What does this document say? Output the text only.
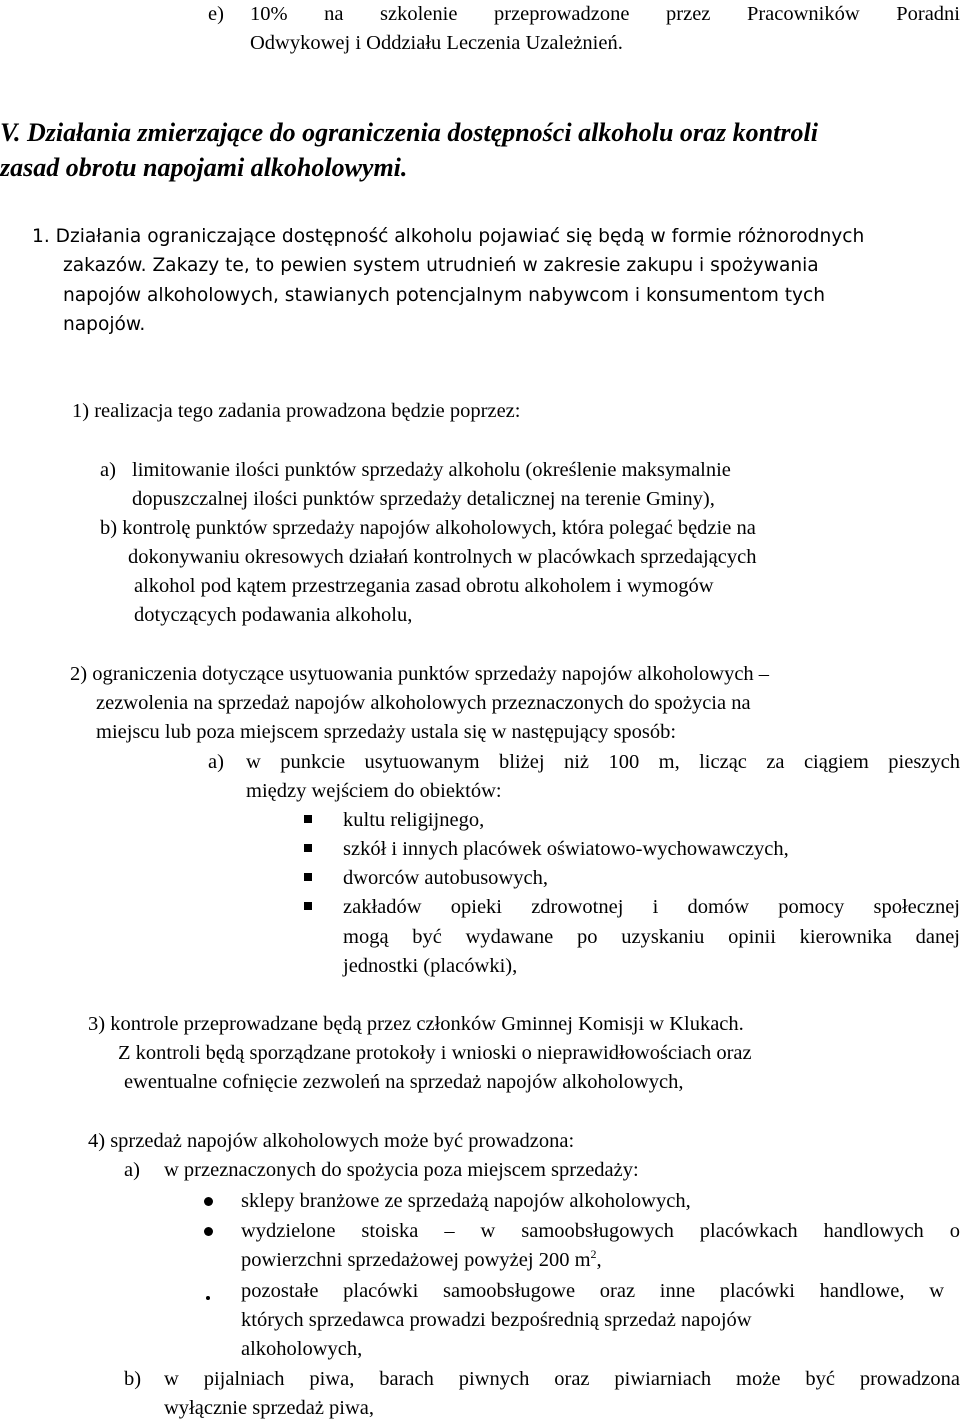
e) 10% na szkolenie przeprowadzone przez Pracowników Poradni
Odwykowej i Oddziału Leczenia Uzależnień.
V. Działania zmierzające do ograniczenia dostępności alkoholu oraz kontroli
zasad obrotu napojami alkoholowymi.
1. Działania ograniczające dostępność alkoholu pojawiać się będą w formie różnorodnych
zakazów. Zakazy te, to pewien system utrudnień w zakresie zakupu i spożywania
napojów alkoholowych, stawianych potencjalnym nabywcom i konsumentom tych
napojów.
1) realizacja tego zadania prowadzona będzie poprzez:
a) limitowanie ilości punktów sprzedaży alkoholu (określenie maksymalnie
dopuszczalnej ilości punktów sprzedaży detalicznej na terenie Gminy),
b) kontrolę punktów sprzedaży napojów alkoholowych, która polegać będzie na
dokonywaniu okresowych działań kontrolnych w placówkach sprzedających
alkohol pod kątem przestrzegania zasad obrotu alkoholem i wymogów
dotyczących podawania alkoholu,
2) ograniczenia dotyczące usytuowania punktów sprzedaży napojów alkoholowych –
zezwolenia na sprzedaż napojów alkoholowych przeznaczonych do spożycia na
miejscu lub poza miejscem sprzedaży ustala się w następujący sposób:
a) w punkcie usytuowanym bliżej niż 100 m, licząc za ciągiem pieszych
między wejściem do obiektów:
kultu religijnego,
szkół i innych placówek oświatowo-wychowawczych,
dworców autobusowych,
zakładów opieki zdrowotnej i domów pomocy społecznej
mogą być wydawane po uzyskaniu opinii kierownika danej
jednostki (placówki),
3) kontrole przeprowadzane będą przez członków Gminnej Komisji w Klukach.
Z kontroli będą sporządzane protokoły i wnioski o nieprawidłowościach oraz
ewentualne cofnięcie zezwoleń na sprzedaż napojów alkoholowych,
4) sprzedaż napojów alkoholowych może być prowadzona:
a) w przeznaczonych do spożycia poza miejscem sprzedaży:
sklepy branżowe ze sprzedażą napojów alkoholowych,
wydzielone stoiska – w samoobsługowych placówkach handlowych o
powierzchni sprzedażowej powyżej 200 $m^2$,
pozostałe placówki samoobsługowe oraz inne placówki handlowe, w
których sprzedawca prowadzi bezpośrednią sprzedaż napojów
alkoholowych,
b) w pijalniach piwa, barach piwnych oraz piwiarniach może być prowadzona
wyłącznie sprzedaż piwa,
